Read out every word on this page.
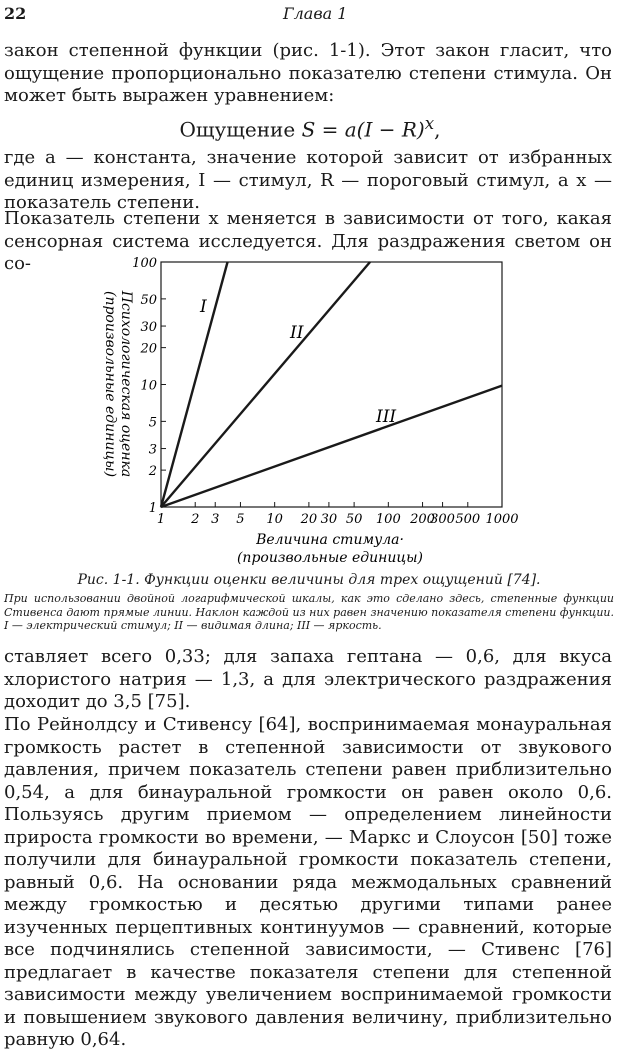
22	Глава 1

закон степенной функции (рис. 1-1). Этот закон гласит, что ощущение пропорционально показателю степени стимула. Он может быть выражен уравнением:

Ощущение $S = a(I - R)^x$,

где a — константа, значение которой зависит от избранных единиц измерения, I — стимул, R — пороговый стимул, а x — показатель степени.

Показатель степени x меняется в зависимости от того, какая сенсорная система исследуется. Для раздражения светом он со-

1 2 3 5 10 20 30 50 100 200
300 500 1000
1
2
3
5
10
20
30
50
100
I
II
III
Величина стимула·
(произвольные единицы)
Психологическая оценка
(произвольные единицы)
Рис. 1-1. Функции оценки величины для трех ощущений [74].

При использовании двойной логарифмической шкалы, как это сделано здесь, степенные функции Стивенса дают прямые линии. Наклон каждой из них равен значению показателя степени функции. I — электрический стимул; II — видимая длина; III — яркость.

ставляет всего 0,33; для запаха гептана — 0,6, для вкуса хлористого натрия — 1,3, а для электрического раздражения доходит до 3,5 [75].

По Рейнолдсу и Стивенсу [64], воспринимаемая монауральная громкость растет в степенной зависимости от звукового давления, причем показатель степени равен приблизительно 0,54, а для бинауральной громкости он равен около 0,6. Пользуясь другим приемом — определением линейности прироста громкости во времени, — Маркс и Слоусон [50] тоже получили для бинауральной громкости показатель степени, равный 0,6. На основании ряда межмодальных сравнений между громкостью и десятью другими типами ранее изученных перцептивных континуумов — сравнений, которые все подчинялись степенной зависимости, — Стивенс [76] предлагает в качестве показателя степени для степенной зависимости между увеличением воспринимаемой громкости и повышением звукового давления величину, приблизительно равную 0,64.
